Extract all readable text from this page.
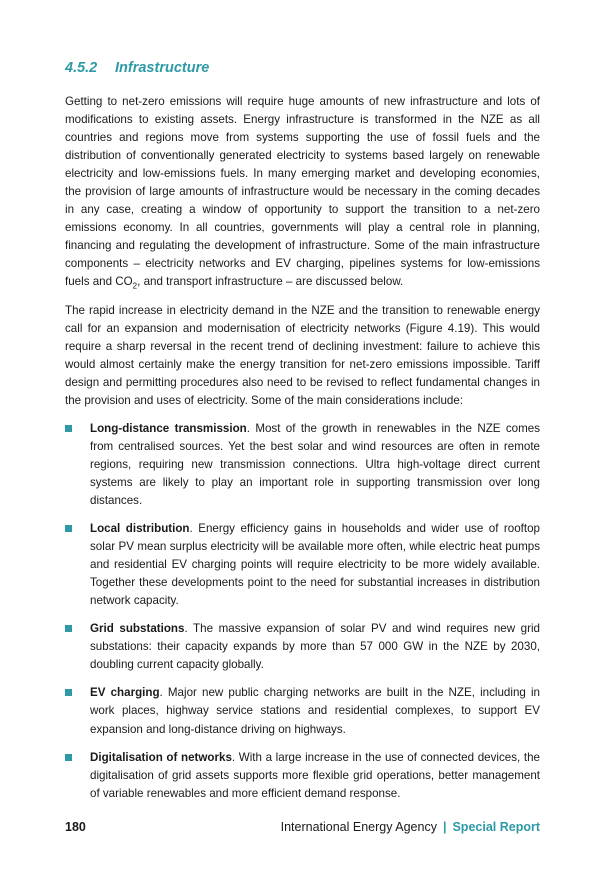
4.5.2 Infrastructure

Getting to net-zero emissions will require huge amounts of new infrastructure and lots of modifications to existing assets. Energy infrastructure is transformed in the NZE as all countries and regions move from systems supporting the use of fossil fuels and the distribution of conventionally generated electricity to systems based largely on renewable electricity and low-emissions fuels. In many emerging market and developing economies, the provision of large amounts of infrastructure would be necessary in the coming decades in any case, creating a window of opportunity to support the transition to a net-zero emissions economy. In all countries, governments will play a central role in planning, financing and regulating the development of infrastructure. Some of the main infrastructure components – electricity networks and EV charging, pipelines systems for low-emissions fuels and $CO_2$, and transport infrastructure – are discussed below.

The rapid increase in electricity demand in the NZE and the transition to renewable energy call for an expansion and modernisation of electricity networks (Figure 4.19). This would require a sharp reversal in the recent trend of declining investment: failure to achieve this would almost certainly make the energy transition for net-zero emissions impossible. Tariff design and permitting procedures also need to be revised to reflect fundamental changes in the provision and uses of electricity. Some of the main considerations include:

Long-distance transmission. Most of the growth in renewables in the NZE comes from centralised sources. Yet the best solar and wind resources are often in remote regions, requiring new transmission connections. Ultra high-voltage direct current systems are likely to play an important role in supporting transmission over long distances.
Local distribution. Energy efficiency gains in households and wider use of rooftop solar PV mean surplus electricity will be available more often, while electric heat pumps and residential EV charging points will require electricity to be more widely available. Together these developments point to the need for substantial increases in distribution network capacity.
Grid substations. The massive expansion of solar PV and wind requires new grid substations: their capacity expands by more than 57 000 GW in the NZE by 2030, doubling current capacity globally.
EV charging. Major new public charging networks are built in the NZE, including in work places, highway service stations and residential complexes, to support EV expansion and long-distance driving on highways.
Digitalisation of networks. With a large increase in the use of connected devices, the digitalisation of grid assets supports more flexible grid operations, better management of variable renewables and more efficient demand response.
180	International Energy Agency | Special Report
